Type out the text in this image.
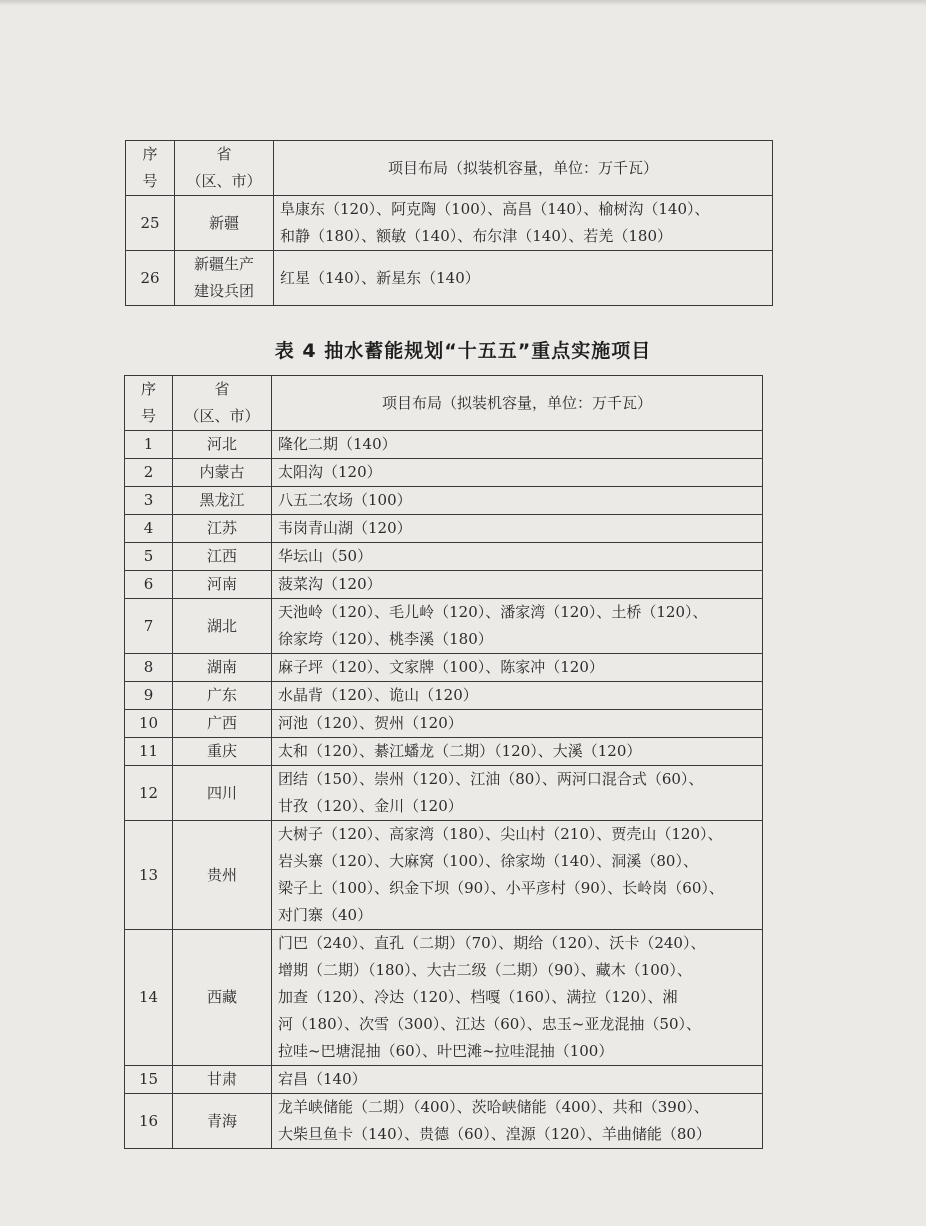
序
号	省
（区、市）	项目布局（拟装机容量，单位：万千瓦）
25	新疆	阜康东（120）、阿克陶（100）、高昌（140）、榆树沟（140）、
和静（180）、额敏（140）、布尔津（140）、若羌（180）

26	新疆生产
建设兵团	红星（140）、新星东（140）
表 4 抽水蓄能规划“十五五”重点实施项目
序
号	省
（区、市）	项目布局（拟装机容量，单位：万千瓦）
1	河北	隆化二期（140）

2	内蒙古	太阳沟（120）

3	黑龙江	八五二农场（100）

4	江苏	韦岗青山湖（120）

5	江西	华坛山（50）

6	河南	菠菜沟（120）

7	湖北	天池岭（120）、毛儿岭（120）、潘家湾（120）、土桥（120）、
徐家垮（120）、桃李溪（180）

8	湖南	麻子坪（120）、文家牌（100）、陈家冲（120）

9	广东	水晶背（120）、诡山（120）

10	广西	河池（120）、贺州（120）

11	重庆	太和（120）、綦江蟠龙（二期）（120）、大溪（120）

12	四川	团结（150）、崇州（120）、江油（80）、两河口混合式（60）、
甘孜（120）、金川（120）

13	贵州	大树子（120）、高家湾（180）、尖山村（210）、贾壳山（120）、
岩头寨（120）、大麻窝（100）、徐家坳（140）、洞溪（80）、
梁子上（100）、织金下坝（90）、小平彦村（90）、长岭岗（60）、
对门寨（40）

14	西藏	门巴（240）、直孔（二期）（70）、期给（120）、沃卡（240）、
增期（二期）（180）、大古二级（二期）（90）、藏木（100）、
加查（120）、冷达（120）、档嘎（160）、满拉（120）、湘
河（180）、次雪（300）、江达（60）、忠玉~亚龙混抽（50）、
拉哇~巴塘混抽（60）、叶巴滩~拉哇混抽（100）

15	甘肃	宕昌（140）

16	青海	龙羊峡储能（二期）（400）、茨哈峡储能（400）、共和（390）、
大柴旦鱼卡（140）、贵德（60）、湟源（120）、羊曲储能（80）
